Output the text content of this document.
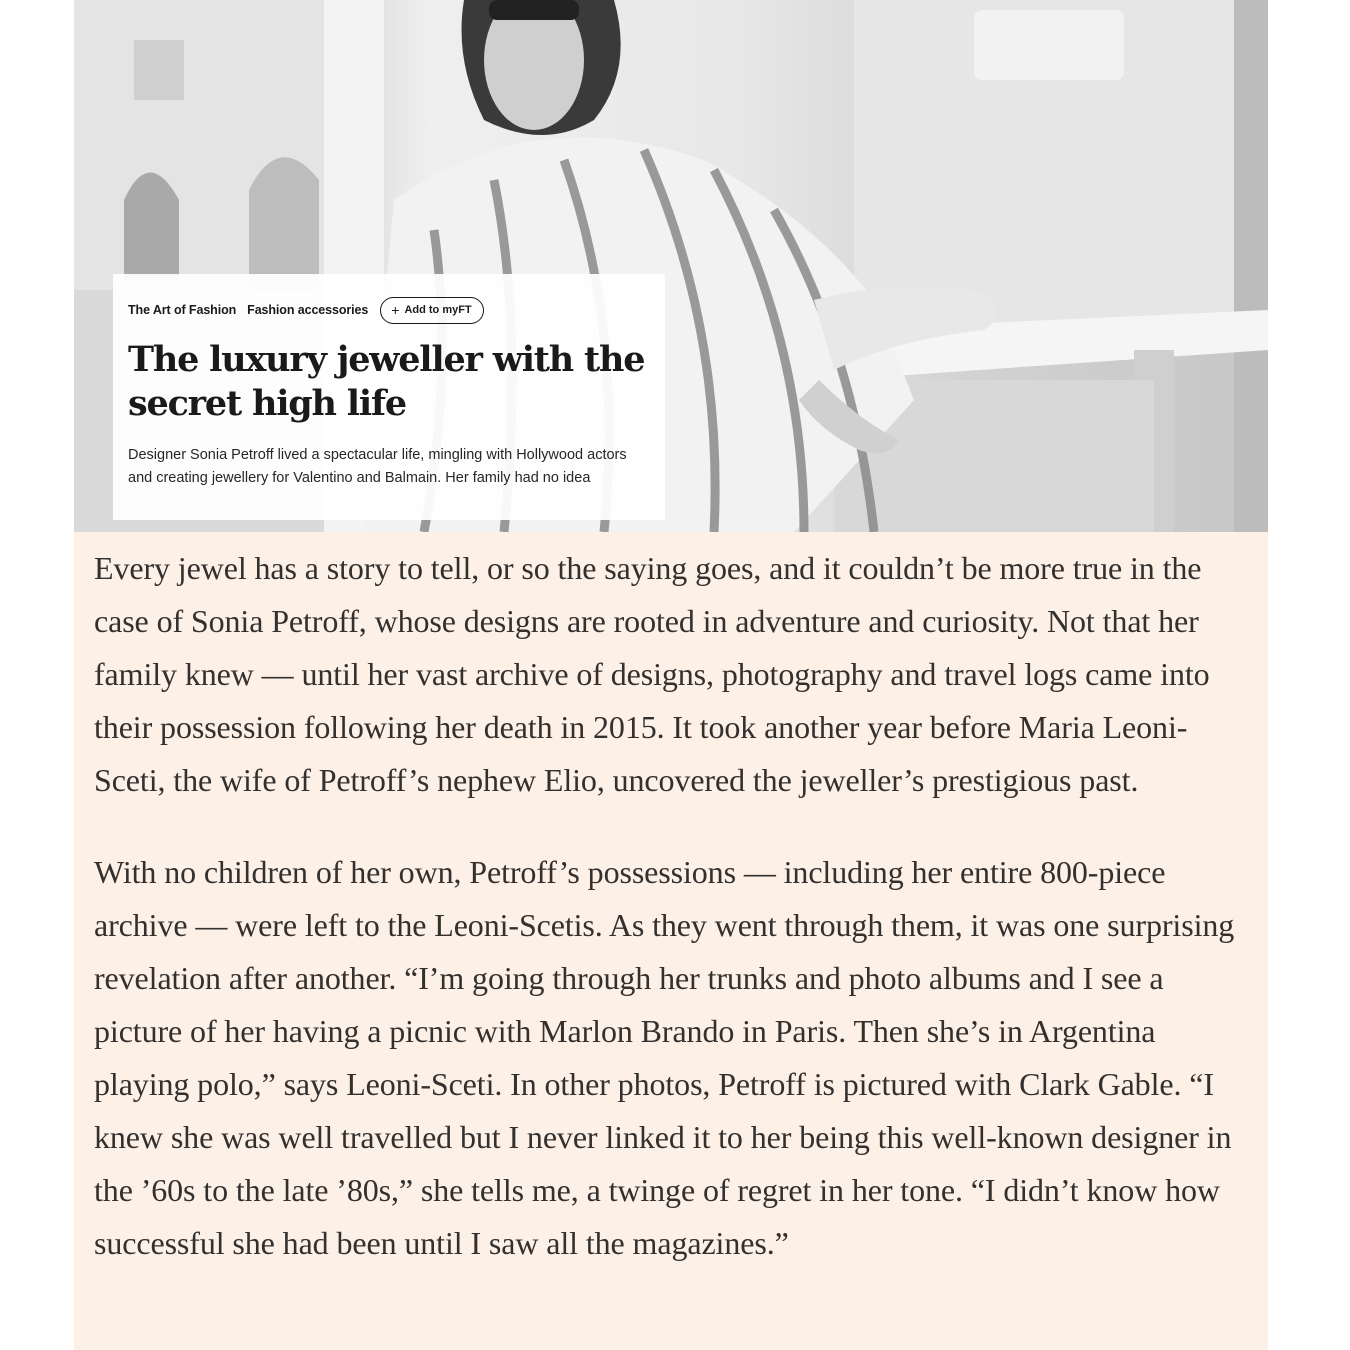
The Art of Fashion Fashion accessories + Add to myFT
The luxury jeweller with the secret high life

Designer Sonia Petroff lived a spectacular life, mingling with Hollywood actors and creating jewellery for Valentino and Balmain. Her family had no idea

Every jewel has a story to tell, or so the saying goes, and it couldn’t be more true in the case of Sonia Petroff, whose designs are rooted in adventure and curiosity. Not that her family knew — until her vast archive of designs, photography and travel logs came into their possession following her death in 2015. It took another year before Maria Leoni-Sceti, the wife of Petroff’s nephew Elio, uncovered the jeweller’s prestigious past.

With no children of her own, Petroff’s possessions — including her entire 800-piece archive — were left to the Leoni-Scetis. As they went through them, it was one surprising revelation after another. “I’m going through her trunks and photo albums and I see a picture of her having a picnic with Marlon Brando in Paris. Then she’s in Argentina playing polo,” says Leoni-Sceti. In other photos, Petroff is pictured with Clark Gable. “I knew she was well travelled but I never linked it to her being this well-known designer in the ’60s to the late ’80s,” she tells me, a twinge of regret in her tone. “I didn’t know how successful she had been until I saw all the magazines.”
